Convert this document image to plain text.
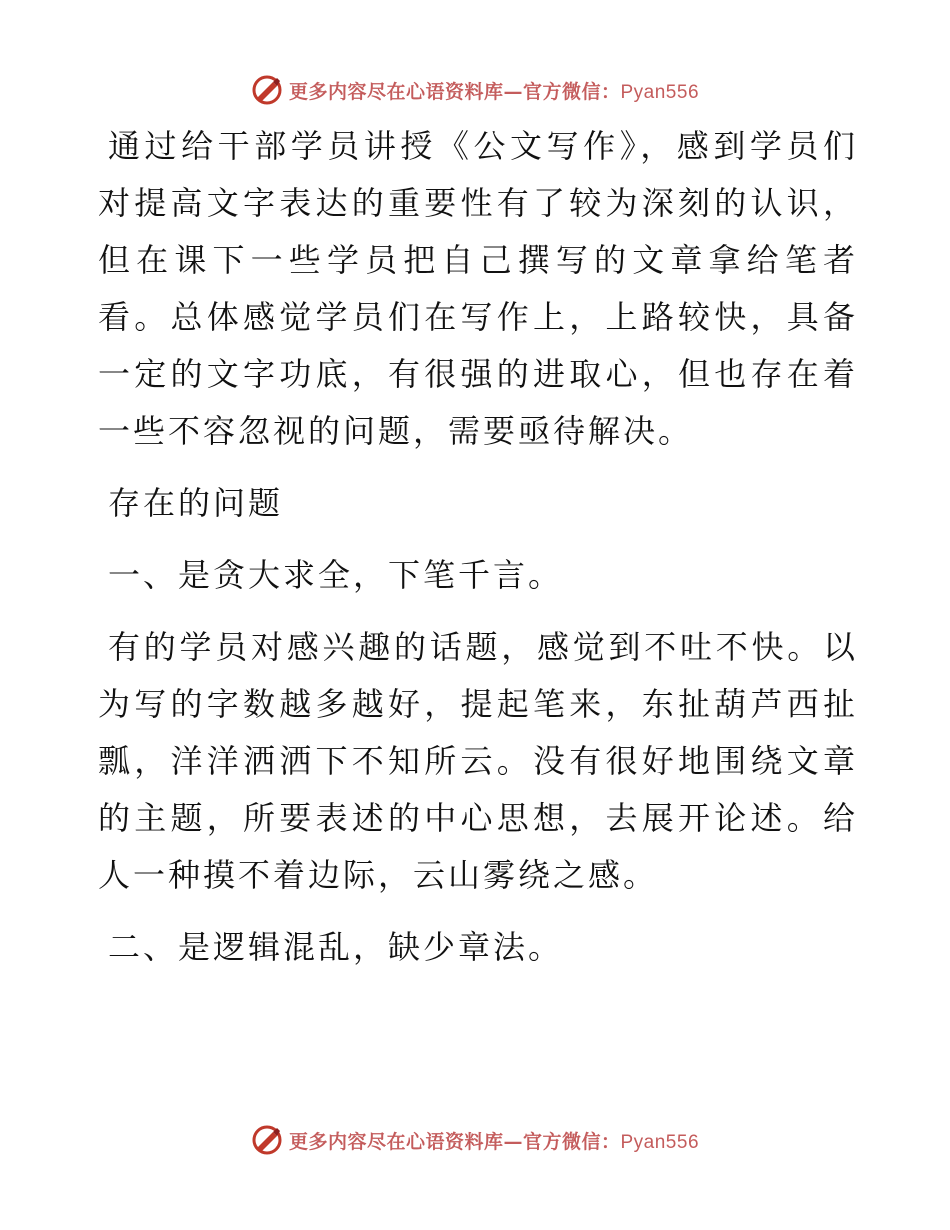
更多内容尽在心语资料库—官方微信：Pyan556

通过给干部学员讲授《公文写作》，感到学员们对提高文字表达的重要性有了较为深刻的认识，但在课下一些学员把自己撰写的文章拿给笔者看。总体感觉学员们在写作上，上路较快，具备一定的文字功底，有很强的进取心，但也存在着一些不容忽视的问题，需要亟待解决。

存在的问题

一、是贪大求全，下笔千言。

有的学员对感兴趣的话题，感觉到不吐不快。以为写的字数越多越好，提起笔来，东扯葫芦西扯瓢，洋洋洒洒下不知所云。没有很好地围绕文章的主题，所要表述的中心思想，去展开论述。给人一种摸不着边际，云山雾绕之感。

二、是逻辑混乱，缺少章法。

更多内容尽在心语资料库—官方微信：Pyan556
